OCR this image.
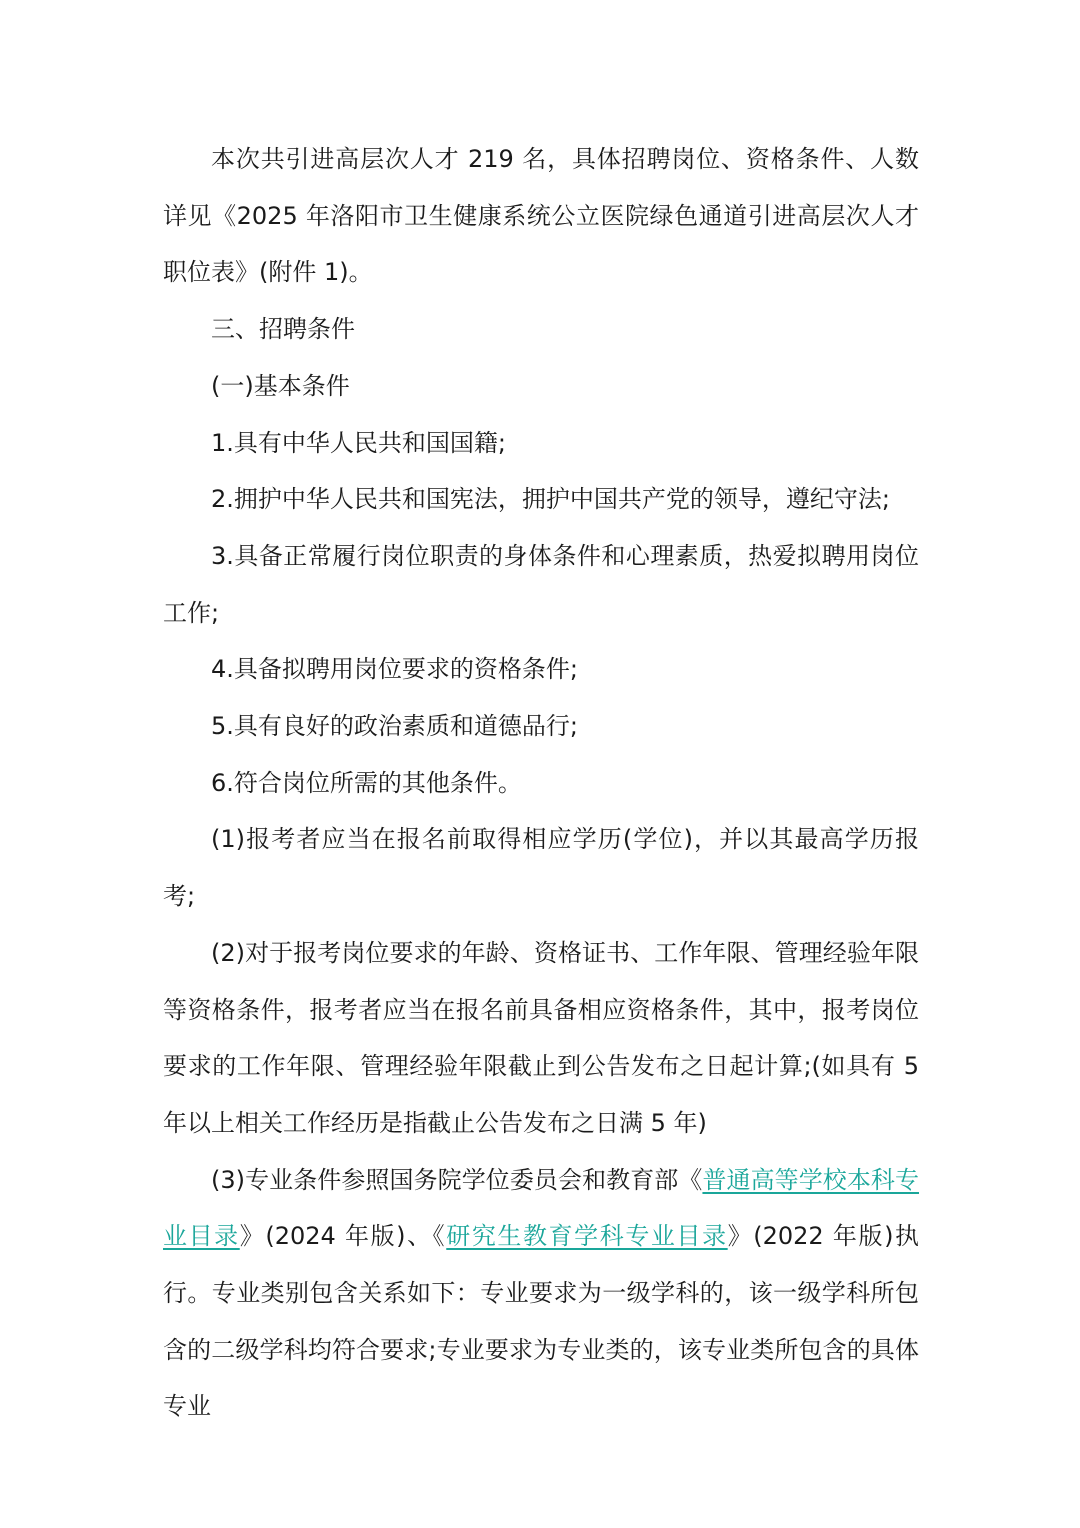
本次共引进高层次人才 219 名，具体招聘岗位、资格条件、人数详见《2025 年洛阳市卫生健康系统公立医院绿色通道引进高层次人才职位表》(附件 1)。

三、招聘条件

(一)基本条件

1.具有中华人民共和国国籍;

2.拥护中华人民共和国宪法，拥护中国共产党的领导，遵纪守法;

3.具备正常履行岗位职责的身体条件和心理素质，热爱拟聘用岗位工作;

4.具备拟聘用岗位要求的资格条件;

5.具有良好的政治素质和道德品行;

6.符合岗位所需的其他条件。

(1)报考者应当在报名前取得相应学历(学位)，并以其最高学历报考;

(2)对于报考岗位要求的年龄、资格证书、工作年限、管理经验年限等资格条件，报考者应当在报名前具备相应资格条件，其中，报考岗位要求的工作年限、管理经验年限截止到公告发布之日起计算;(如具有 5 年以上相关工作经历是指截止公告发布之日满 5 年)

(3)专业条件参照国务院学位委员会和教育部《普通高等学校本科专业目录》(2024 年版)、《研究生教育学科专业目录》(2022 年版)执行。专业类别包含关系如下：专业要求为一级学科的，该一级学科所包含的二级学科均符合要求;专业要求为专业类的，该专业类所包含的具体专业
